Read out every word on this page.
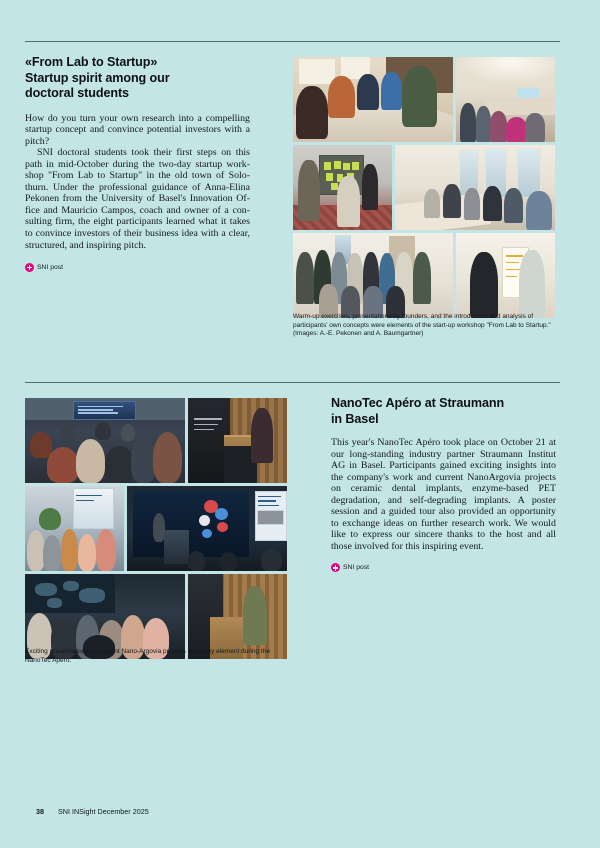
«From Lab to Startup»
Startup spirit among our
doctoral students

How do you turn your own research into a compelling startup concept and convince potential investors with a pitch?

SNI doctoral students took their first steps on this path in mid-October during the two-day startup workshop "From Lab to Startup" in the old town of Solothurn. Under the professional guidance of Anna-Elina Pekonen from the University of Basel's Innovation Office and Mauricio Campos, coach and owner of a consulting firm, the eight participants learned what it takes to convince investors of their business idea with a clear, structured, and inspiring pitch.

SNI post

Warm-up exercises, presentations by founders, and the introduction and analysis of participants' own concepts were elements of the start-up workshop "From Lab to Startup." (Images: A.-E. Pekonen and A. Baumgartner)

Exciting presentations on current Nano-Argovia projects are a key element during the NanoTec Apéro.

NanoTec Apéro at Straumann
in Basel

This year's NanoTec Apéro took place on October 21 at our long-standing industry partner Straumann Institut AG in Basel. Participants gained exciting insights into the company's work and current NanoArgovia projects on ceramic dental implants, enzyme-based PET degradation, and self-degrading implants. A poster session and a guided tour also provided an opportunity to exchange ideas on further research work. We would like to express our sincere thanks to the host and all those involved for this inspiring event.

SNI post
38 SNI INSight December 2025
